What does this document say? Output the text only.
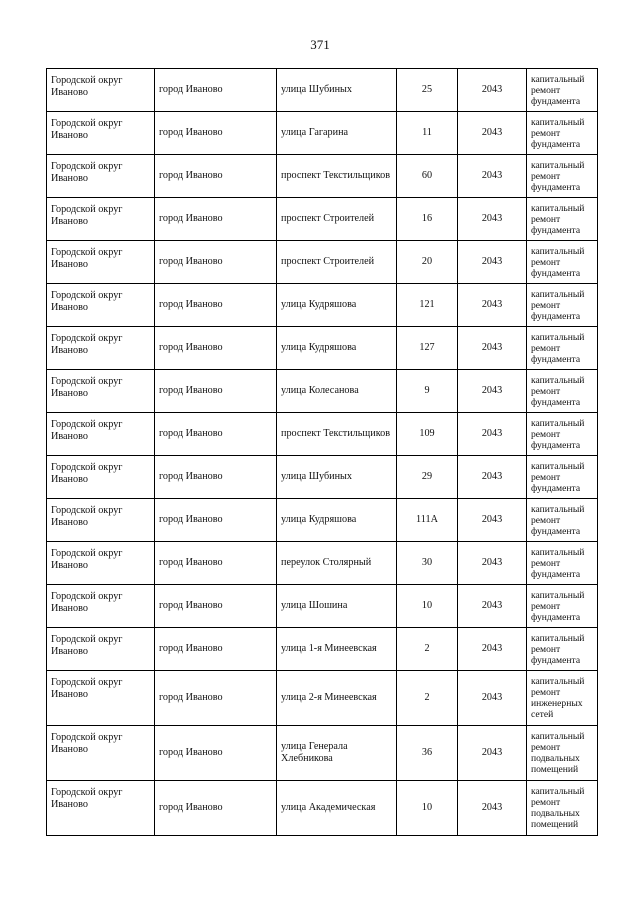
371
Городской округ Иваново	город Иваново	улица Шубиных	25	2043	капитальный ремонт фундамента
Городской округ Иваново	город Иваново	улица Гагарина	11	2043	капитальный ремонт фундамента
Городской округ Иваново	город Иваново	проспект Текстильщиков	60	2043	капитальный ремонт фундамента
Городской округ Иваново	город Иваново	проспект Строителей	16	2043	капитальный ремонт фундамента
Городской округ Иваново	город Иваново	проспект Строителей	20	2043	капитальный ремонт фундамента
Городской округ Иваново	город Иваново	улица Кудряшова	121	2043	капитальный ремонт фундамента
Городской округ Иваново	город Иваново	улица Кудряшова	127	2043	капитальный ремонт фундамента
Городской округ Иваново	город Иваново	улица Колесанова	9	2043	капитальный ремонт фундамента
Городской округ Иваново	город Иваново	проспект Текстильщиков	109	2043	капитальный ремонт фундамента
Городской округ Иваново	город Иваново	улица Шубиных	29	2043	капитальный ремонт фундамента
Городской округ Иваново	город Иваново	улица Кудряшова	111А	2043	капитальный ремонт фундамента
Городской округ Иваново	город Иваново	переулок Столярный	30	2043	капитальный ремонт фундамента
Городской округ Иваново	город Иваново	улица Шошина	10	2043	капитальный ремонт фундамента
Городской округ Иваново	город Иваново	улица 1-я Минеевская	2	2043	капитальный ремонт фундамента
Городской округ Иваново	город Иваново	улица 2-я Минеевская	2	2043	капитальный ремонт инженерных сетей
Городской округ Иваново	город Иваново	улица Генерала Хлебникова	36	2043	капитальный ремонт подвальных помещений
Городской округ Иваново	город Иваново	улица Академическая	10	2043	капитальный ремонт подвальных помещений
